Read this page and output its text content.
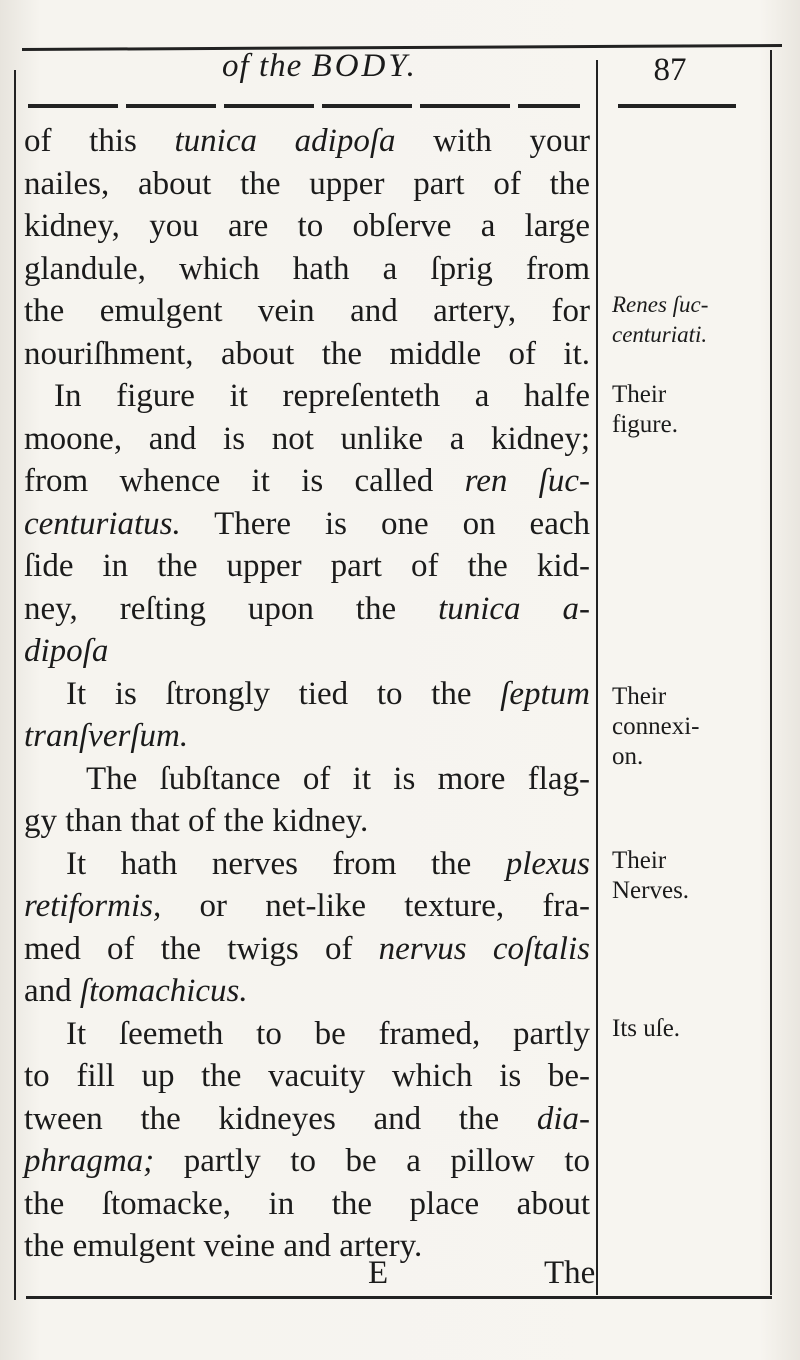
of the BODY.	87
of this tunica adipoſa with your
nailes, about the upper part of the
kidney, you are to obſerve a large
glandule, which hath a ſprig from
the emulgent vein and artery, for
nouriſhment, about the middle of it.
In figure it repreſenteth a halfe
moone, and is not unlike a kidney;
from whence it is called ren ſuc-
centuriatus. There is one on each
ſide in the upper part of the kid-
ney, reſting upon the tunica a-
dipoſa
It is ſtrongly tied to the ſeptum
tranſverſum.
The ſubſtance of it is more flag-
gy than that of the kidney.
It hath nerves from the plexus
retiformis, or net-like texture, fra-
med of the twigs of nervus coſtalis
and ſtomachicus.
It ſeemeth to be framed, partly
to fill up the vacuity which is be-
tween the kidneyes and the dia-
phragma; partly to be a pillow to
the ſtomacke, in the place about
the emulgent veine and artery.
Renes ſuc-
centuriati.
Their
figure.
Their
connexi-
on.
Their
Nerves.
Its uſe.
E	The
